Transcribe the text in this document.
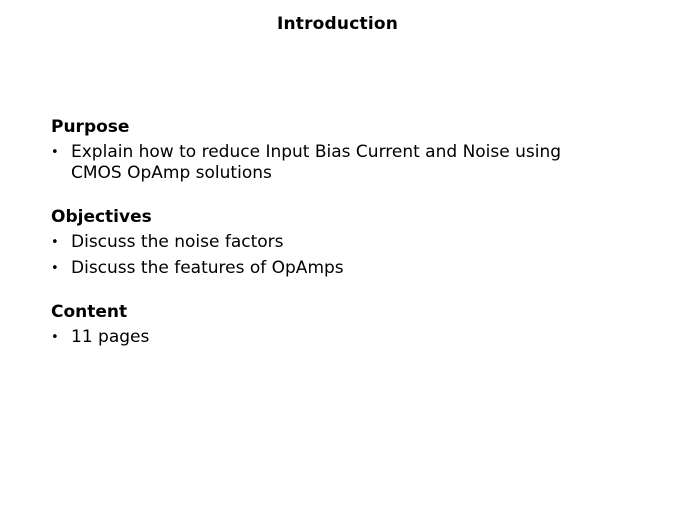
Introduction
Purpose
• Explain how to reduce Input Bias Current and Noise using CMOS OpAmp solutions
Objectives
• Discuss the noise factors
• Discuss the features of OpAmps
Content
• 11 pages
